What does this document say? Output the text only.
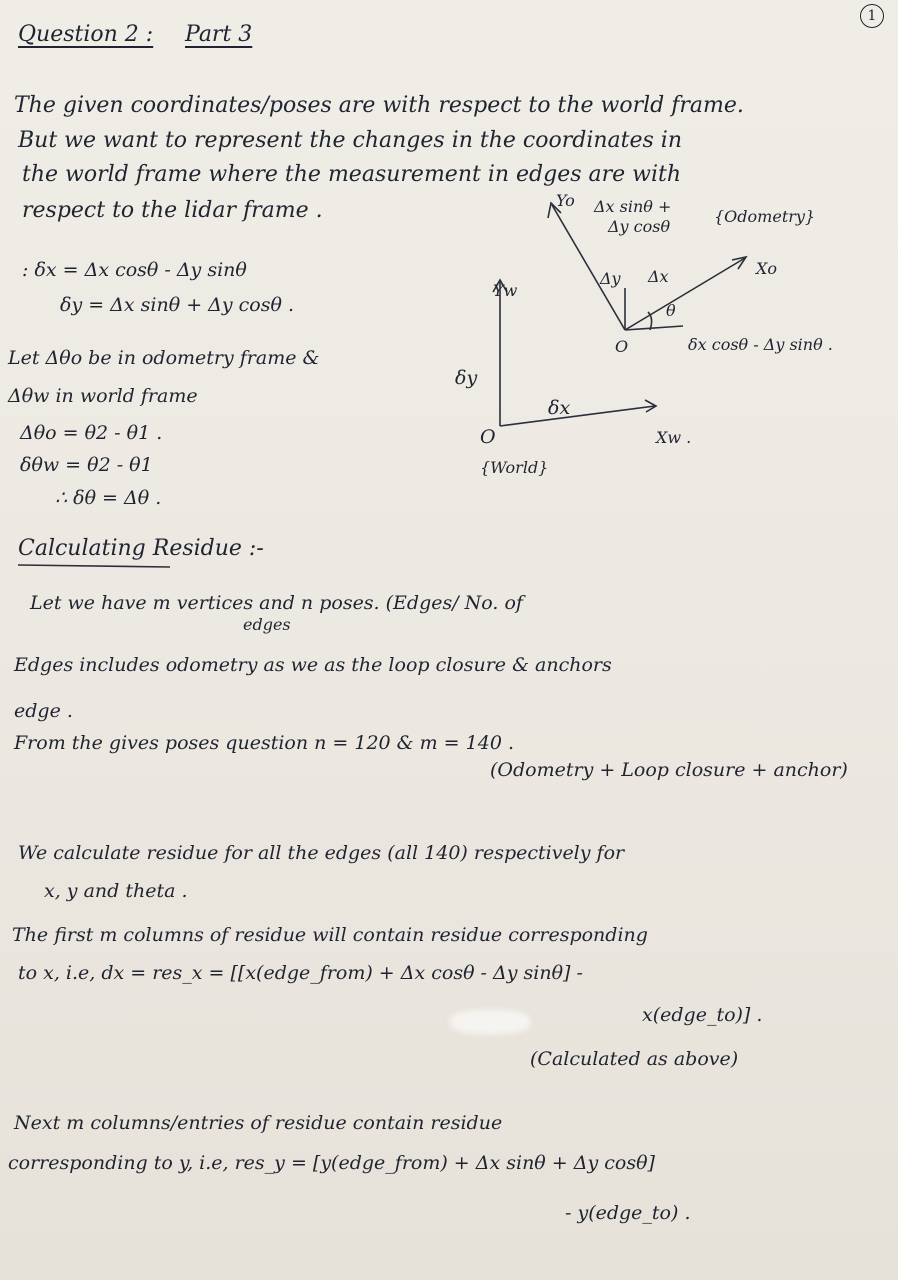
1
Question 2 : Part 3
The given coordinates/poses are with respect to the world frame.
But we want to represent the changes in the coordinates in
the world frame where the measurement in edges are with
respect to the lidar frame .
: δx = Δx cosθ - Δy sinθ
δy = Δx sinθ + Δy cosθ .
Let Δθo be in odometry frame &
Δθw in world frame
Δθo = θ2 - θ1 .
δθw = θ2 - θ1
∴ δθ = Δθ .
Yw
δy
δx
O	Xw .
{World}
Yo Δx sinθ +
Δy cosθ
{Odometry}
Δy Δx	Xo
θ
O	δx cosθ - Δy sinθ .
Calculating Residue :-
Let we have m vertices and n poses. (Edges/ No. of
edges
Edges includes odometry as we as the loop closure & anchors
edge .
From the gives poses question n = 120 & m = 140 .
(Odometry + Loop closure + anchor)
We calculate residue for all the edges (all 140) respectively for
x, y and theta .
The first m columns of residue will contain residue corresponding
to x, i.e, dx = res_x = [[x(edge_from) + Δx cosθ - Δy sinθ] -
x(edge_to)] .
(Calculated as above)
Next m columns/entries of residue contain residue
corresponding to y, i.e, res_y = [y(edge_from) + Δx sinθ + Δy cosθ]
- y(edge_to) .
